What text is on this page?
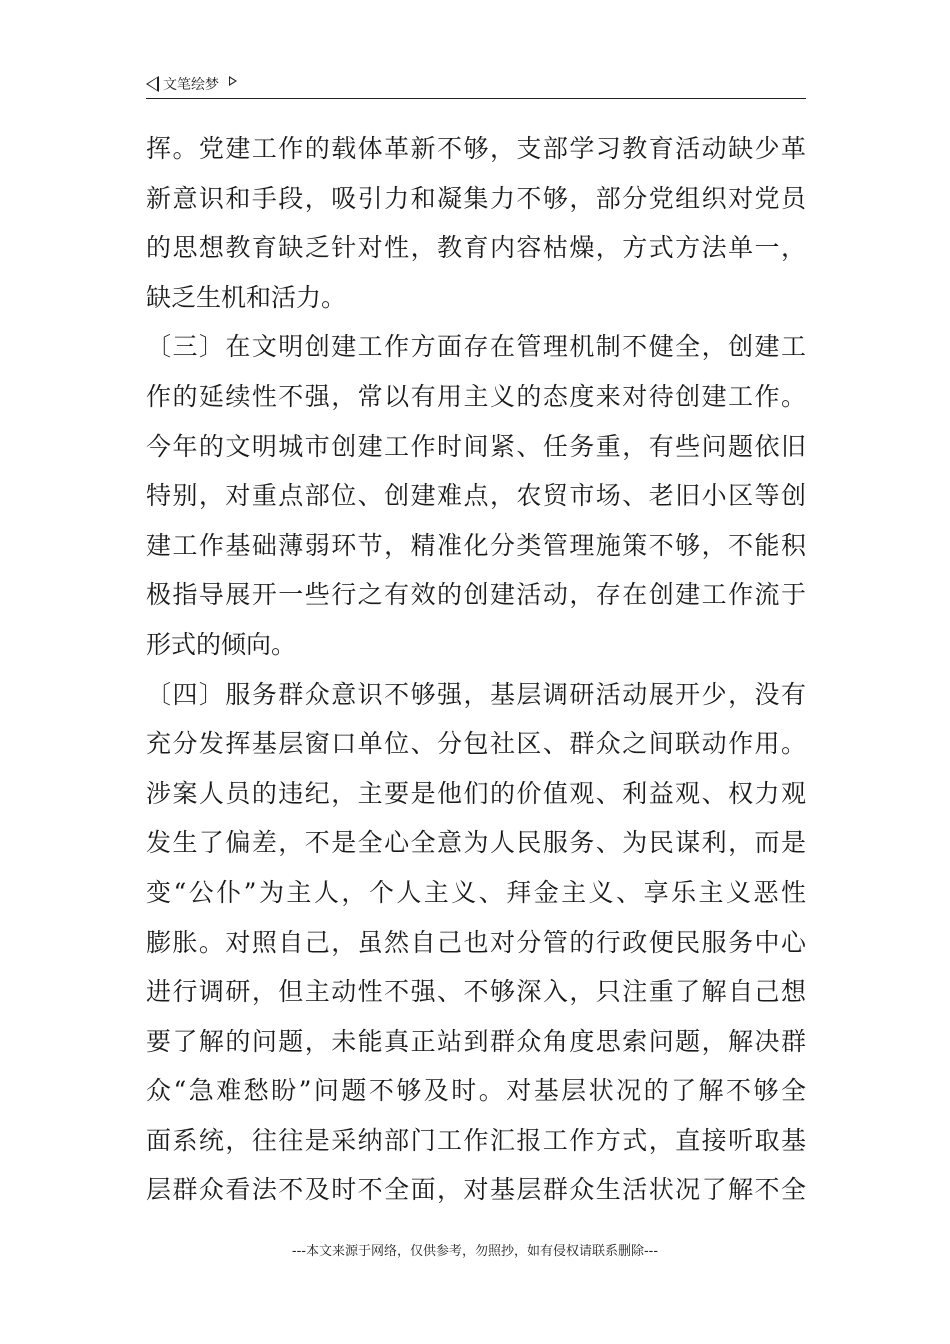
文笔绘梦
挥。党建工作的载体革新不够，支部学习教育活动缺少革
新意识和手段，吸引力和凝集力不够，部分党组织对党员
的思想教育缺乏针对性，教育内容枯燥，方式方法单一，
缺乏生机和活力。
〔三〕在文明创建工作方面存在管理机制不健全，创建工
作的延续性不强，常以有用主义的态度来对待创建工作。
今年的文明城市创建工作时间紧、任务重，有些问题依旧
特别，对重点部位、创建难点，农贸市场、老旧小区等创
建工作基础薄弱环节，精准化分类管理施策不够，不能积
极指导展开一些行之有效的创建活动，存在创建工作流于
形式的倾向。
〔四〕服务群众意识不够强，基层调研活动展开少，没有
充分发挥基层窗口单位、分包社区、群众之间联动作用。
涉案人员的违纪，主要是他们的价值观、利益观、权力观
发生了偏差，不是全心全意为人民服务、为民谋利，而是
变“公仆”为主人，个人主义、拜金主义、享乐主义恶性
膨胀。对照自己，虽然自己也对分管的行政便民服务中心
进行调研，但主动性不强、不够深入，只注重了解自己想
要了解的问题，未能真正站到群众角度思索问题，解决群
众“急难愁盼”问题不够及时。对基层状况的了解不够全
面系统，往往是采纳部门工作汇报工作方式，直接听取基
层群众看法不及时不全面，对基层群众生活状况了解不全
---本文来源于网络，仅供参考，勿照抄，如有侵权请联系删除---
